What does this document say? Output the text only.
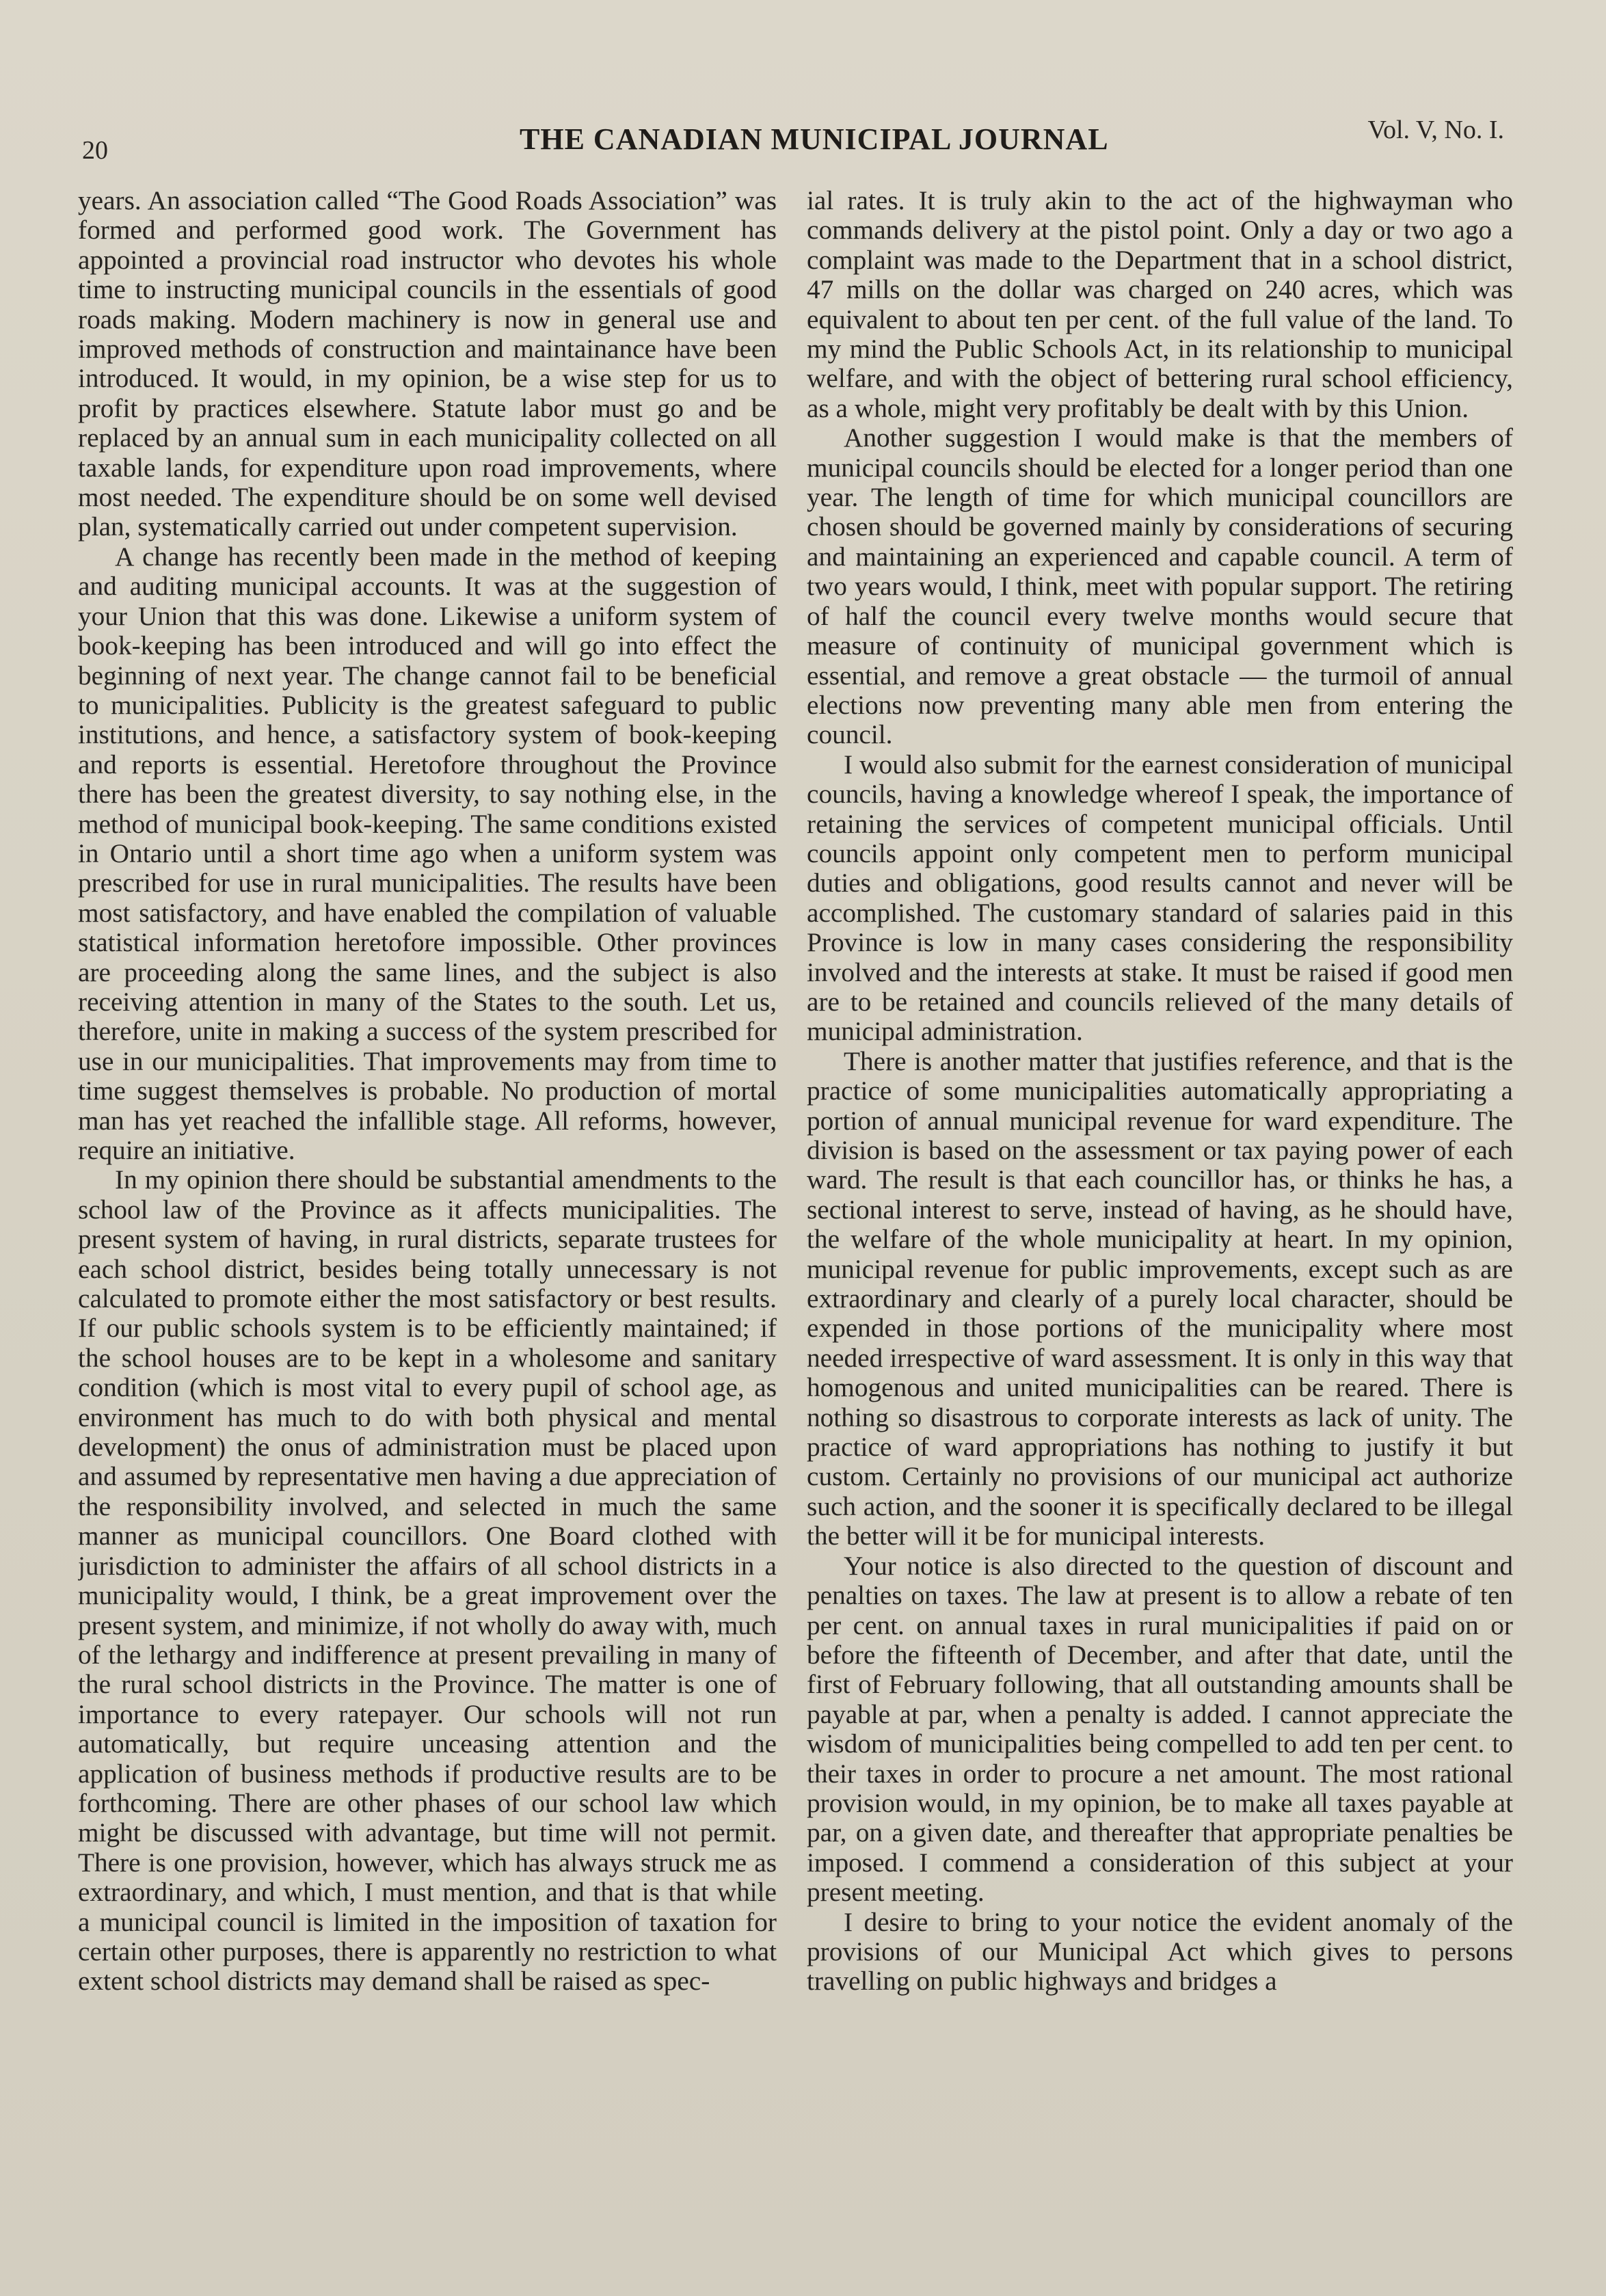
20	THE CANADIAN MUNICIPAL JOURNAL	Vol. V, No. I.

years. An association called “The Good Roads Association” was formed and performed good work. The Government has appointed a provincial road instructor who devotes his whole time to instructing municipal councils in the essentials of good roads making. Modern machinery is now in general use and improved methods of construction and maintainance have been introduced. It would, in my opinion, be a wise step for us to profit by practices elsewhere. Statute labor must go and be replaced by an annual sum in each municipality collected on all taxable lands, for expenditure upon road improvements, where most needed. The expenditure should be on some well devised plan, systematically carried out under competent supervision.

A change has recently been made in the method of keeping and auditing municipal accounts. It was at the suggestion of your Union that this was done. Likewise a uniform system of book-keeping has been introduced and will go into effect the beginning of next year. The change cannot fail to be beneficial to municipalities. Publicity is the greatest safeguard to public institutions, and hence, a satisfactory system of book-keeping and reports is essential. Heretofore throughout the Province there has been the greatest diversity, to say nothing else, in the method of municipal book-keeping. The same conditions existed in Ontario until a short time ago when a uniform system was prescribed for use in rural municipalities. The results have been most satisfactory, and have enabled the compilation of valuable statistical information heretofore impossible. Other provinces are proceeding along the same lines, and the subject is also receiving attention in many of the States to the south. Let us, therefore, unite in making a success of the system prescribed for use in our municipalities. That improvements may from time to time suggest themselves is probable. No production of mortal man has yet reached the infallible stage. All reforms, however, require an initiative.

In my opinion there should be substantial amendments to the school law of the Province as it affects municipalities. The present system of having, in rural districts, separate trustees for each school district, besides being totally unnecessary is not calculated to promote either the most satisfactory or best results. If our public schools system is to be efficiently maintained; if the school houses are to be kept in a wholesome and sanitary condition (which is most vital to every pupil of school age, as environment has much to do with both physical and mental development) the onus of administration must be placed upon and assumed by representative men having a due appreciation of the responsibility involved, and selected in much the same manner as municipal councillors. One Board clothed with jurisdiction to administer the affairs of all school districts in a municipality would, I think, be a great improvement over the present system, and minimize, if not wholly do away with, much of the lethargy and indifference at present prevailing in many of the rural school districts in the Province. The matter is one of importance to every ratepayer. Our schools will not run automatically, but require unceasing attention and the application of business methods if productive results are to be forthcoming. There are other phases of our school law which might be discussed with advantage, but time will not permit. There is one provision, however, which has always struck me as extraordinary, and which, I must mention, and that is that while a municipal council is limited in the imposition of taxation for certain other purposes, there is apparently no restriction to what extent school districts may demand shall be raised as spec-

ial rates. It is truly akin to the act of the highwayman who commands delivery at the pistol point. Only a day or two ago a complaint was made to the Department that in a school district, 47 mills on the dollar was charged on 240 acres, which was equivalent to about ten per cent. of the full value of the land. To my mind the Public Schools Act, in its relationship to municipal welfare, and with the object of bettering rural school efficiency, as a whole, might very profitably be dealt with by this Union.

Another suggestion I would make is that the members of municipal councils should be elected for a longer period than one year. The length of time for which municipal councillors are chosen should be governed mainly by considerations of securing and maintaining an experienced and capable council. A term of two years would, I think, meet with popular support. The retiring of half the council every twelve months would secure that measure of continuity of municipal government which is essential, and remove a great obstacle — the turmoil of annual elections now preventing many able men from entering the council.

I would also submit for the earnest consideration of municipal councils, having a knowledge whereof I speak, the importance of retaining the services of competent municipal officials. Until councils appoint only competent men to perform municipal duties and obligations, good results cannot and never will be accomplished. The customary standard of salaries paid in this Province is low in many cases considering the responsibility involved and the interests at stake. It must be raised if good men are to be retained and councils relieved of the many details of municipal administration.

There is another matter that justifies reference, and that is the practice of some municipalities automatically appropriating a portion of annual municipal revenue for ward expenditure. The division is based on the assessment or tax paying power of each ward. The result is that each councillor has, or thinks he has, a sectional interest to serve, instead of having, as he should have, the welfare of the whole municipality at heart. In my opinion, municipal revenue for public improvements, except such as are extraordinary and clearly of a purely local character, should be expended in those portions of the municipality where most needed irrespective of ward assessment. It is only in this way that homogenous and united municipalities can be reared. There is nothing so disastrous to corporate interests as lack of unity. The practice of ward appropriations has nothing to justify it but custom. Certainly no provisions of our municipal act authorize such action, and the sooner it is specifically declared to be illegal the better will it be for municipal interests.

Your notice is also directed to the question of discount and penalties on taxes. The law at present is to allow a rebate of ten per cent. on annual taxes in rural municipalities if paid on or before the fifteenth of December, and after that date, until the first of February following, that all outstanding amounts shall be payable at par, when a penalty is added. I cannot appreciate the wisdom of municipalities being compelled to add ten per cent. to their taxes in order to procure a net amount. The most rational provision would, in my opinion, be to make all taxes payable at par, on a given date, and thereafter that appropriate penalties be imposed. I commend a consideration of this subject at your present meeting.

I desire to bring to your notice the evident anomaly of the provisions of our Municipal Act which gives to persons travelling on public highways and bridges a
